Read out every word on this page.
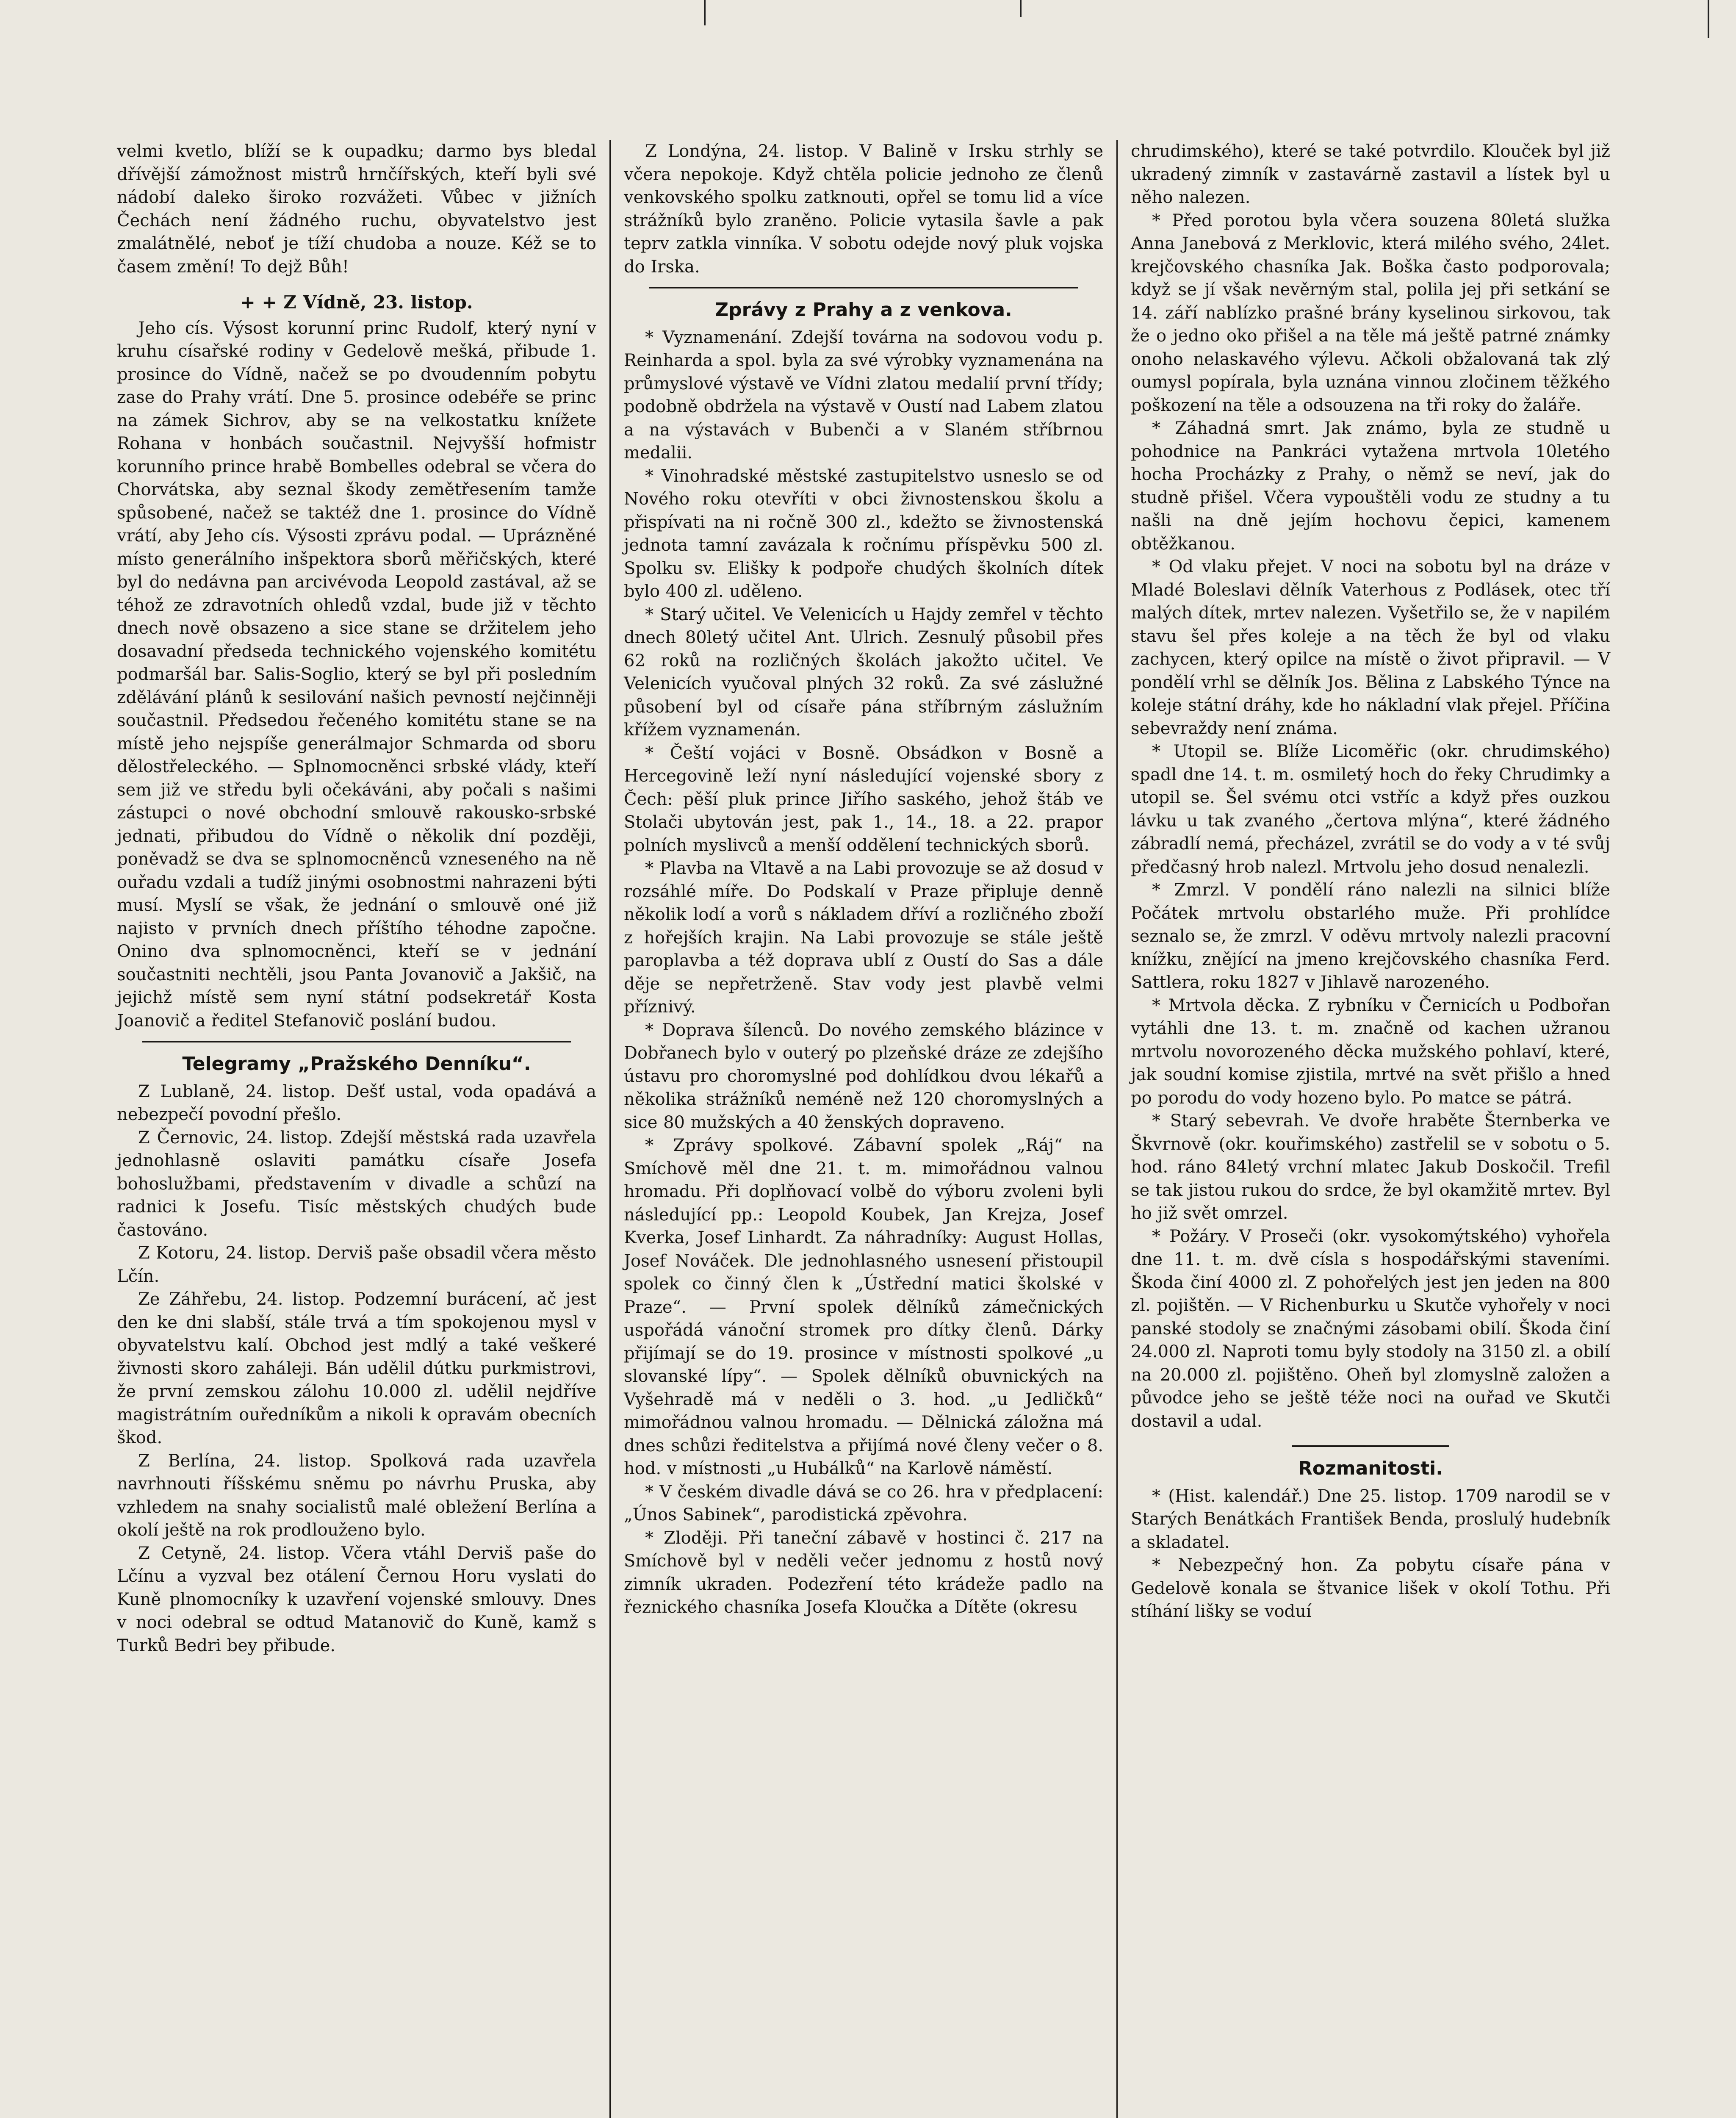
velmi kvetlo, blíží se k oupadku; darmo bys bledal dřívější zámožnost mistrů hrnčířských, kteří byli své nádobí daleko široko rozvážeti. Vůbec v jižních Čechách není žádného ruchu, obyvatelstvo jest zmalátnělé, neboť je tíží chudoba a nouze. Kéž se to časem změní! To dejž Bůh!

+ + Z Vídně, 23. listop.

Jeho cís. Výsost korunní princ Rudolf, který nyní v kruhu císařské rodiny v Gedelově mešká, přibude 1. prosince do Vídně, načež se po dvoudenním pobytu zase do Prahy vrátí. Dne 5. prosince odebéře se princ na zámek Sichrov, aby se na velkostatku knížete Rohana v honbách součastnil. Nejvyšší hofmistr korunního prince hrabě Bombelles odebral se včera do Chorvátska, aby seznal škody zemětřesením tamže spůsobené, načež se taktéž dne 1. prosince do Vídně vrátí, aby Jeho cís. Výsosti zprávu podal. — Uprázněné místo generálního inšpektora sborů měřičských, které byl do nedávna pan arcivévoda Leopold zastával, až se téhož ze zdravotních ohledů vzdal, bude již v těchto dnech nově obsazeno a sice stane se držitelem jeho dosavadní předseda technického vojenského komitétu podmaršál bar. Salis-Soglio, který se byl při posledním zdělávání plánů k sesilování našich pevností nejčinněji součastnil. Předsedou řečeného komitétu stane se na místě jeho nejspíše generálmajor Schmarda od sboru dělostřeleckého. — Splnomocněnci srbské vlády, kteří sem již ve středu byli očekáváni, aby počali s našimi zástupci o nové obchodní smlouvě rakousko-srbské jednati, přibudou do Vídně o několik dní později, poněvadž se dva se splnomocněnců vzneseného na ně ouřadu vzdali a tudíž jinými osobnostmi nahrazeni býti musí. Myslí se však, že jednání o smlouvě oné již najisto v prvních dnech příštího téhodne započne. Onino dva splnomocněnci, kteří se v jednání součastniti nechtěli, jsou Panta Jovanovič a Jakšič, na jejichž místě sem nyní státní podsekretář Kosta Joanovič a ředitel Stefanovič poslání budou.

Telegramy „Pražského Denníku“.

Z Lublaně, 24. listop. Dešť ustal, voda opadává a nebezpečí povodní přešlo.

Z Černovic, 24. listop. Zdejší městská rada uzavřela jednohlasně oslaviti památku císaře Josefa bohoslužbami, představením v divadle a schůzí na radnici k Josefu. Tisíc městských chudých bude častováno.

Z Kotoru, 24. listop. Derviš paše obsadil včera město Lčín.

Ze Záhřebu, 24. listop. Podzemní burácení, ač jest den ke dni slabší, stále trvá a tím spokojenou mysl v obyvatelstvu kalí. Obchod jest mdlý a také veškeré živnosti skoro zaháleji. Bán udělil dútku purkmistrovi, že první zemskou zálohu 10.000 zl. udělil nejdříve magistrátním ouředníkům a nikoli k opravám obecních škod.

Z Berlína, 24. listop. Spolková rada uzavřela navrhnouti říšskému sněmu po návrhu Pruska, aby vzhledem na snahy socialistů malé obležení Berlína a okolí ještě na rok prodlouženo bylo.

Z Cetyně, 24. listop. Včera vtáhl Derviš paše do Lčínu a vyzval bez otálení Černou Horu vyslati do Kuně plnomocníky k uzavření vojenské smlouvy. Dnes v noci odebral se odtud Matanovič do Kuně, kamž s Turků Bedri bey přibude.

Z Londýna, 24. listop. V Balině v Irsku strhly se včera nepokoje. Když chtěla policie jednoho ze členů venkovského spolku zatknouti, opřel se tomu lid a více strážníků bylo zraněno. Policie vytasila šavle a pak teprv zatkla vinníka. V sobotu odejde nový pluk vojska do Irska.

Zprávy z Prahy a z venkova.

* Vyznamenání. Zdejší továrna na sodovou vodu p. Reinharda a spol. byla za své výrobky vyznamenána na průmyslové výstavě ve Vídni zlatou medalií první třídy; podobně obdržela na výstavě v Oustí nad Labem zlatou a na výstavách v Bubenči a v Slaném stříbrnou medalii.

* Vinohradské městské zastupitelstvo usneslo se od Nového roku otevříti v obci živnostenskou školu a přispívati na ni ročně 300 zl., kdežto se živnostenská jednota tamní zavázala k ročnímu příspěvku 500 zl. Spolku sv. Elišky k podpoře chudých školních dítek bylo 400 zl. uděleno.

* Starý učitel. Ve Velenicích u Hajdy zemřel v těchto dnech 80letý učitel Ant. Ulrich. Zesnulý působil přes 62 roků na rozličných školách jakožto učitel. Ve Velenicích vyučoval plných 32 roků. Za své záslužné působení byl od císaře pána stříbrným záslužním křížem vyznamenán.

* Čeští vojáci v Bosně. Obsádkon v Bosně a Hercegovině leží nyní následující vojenské sbory z Čech: pěší pluk prince Jiřího saského, jehož štáb ve Stolači ubytován jest, pak 1., 14., 18. a 22. prapor polních myslivců a menší oddělení technických sborů.

* Plavba na Vltavě a na Labi provozuje se až dosud v rozsáhlé míře. Do Podskalí v Praze připluje denně několik lodí a vorů s nákladem dříví a rozličného zboží z hořejších krajin. Na Labi provozuje se stále ještě paroplavba a též doprava ublí z Oustí do Sas a dále děje se nepřetrženě. Stav vody jest plavbě velmi příznivý.

* Doprava šílenců. Do nového zemského blázince v Dobřanech bylo v outerý po plzeňské dráze ze zdejšího ústavu pro choromyslné pod dohlídkou dvou lékařů a několika strážníků neméně než 120 choromyslných a sice 80 mužských a 40 ženských dopraveno.

* Zprávy spolkové. Zábavní spolek „Ráj“ na Smíchově měl dne 21. t. m. mimořádnou valnou hromadu. Při doplňovací volbě do výboru zvoleni byli následující pp.: Leopold Koubek, Jan Krejza, Josef Kverka, Josef Linhardt. Za náhradníky: August Hollas, Josef Nováček. Dle jednohlasného usnesení přistoupil spolek co činný člen k „Ústřední matici školské v Praze“. — První spolek dělníků zámečnických uspořádá vánoční stromek pro dítky členů. Dárky přijímají se do 19. prosince v místnosti spolkové „u slovanské lípy“. — Spolek dělníků obuvnických na Vyšehradě má v neděli o 3. hod. „u Jedličků“ mimořádnou valnou hromadu. — Dělnická záložna má dnes schůzi ředitelstva a přijímá nové členy večer o 8. hod. v místnosti „u Hubálků“ na Karlově náměstí.

* V českém divadle dává se co 26. hra v předplacení: „Únos Sabinek“, parodistická zpěvohra.

* Zloději. Při taneční zábavě v hostinci č. 217 na Smíchově byl v neděli večer jednomu z hostů nový zimník ukraden. Podezření této krádeže padlo na řeznického chasníka Josefa Kloučka a Dítěte (okresu

chrudimského), které se také potvrdilo. Klouček byl již ukradený zimník v zastavárně zastavil a lístek byl u něho nalezen.

* Před porotou byla včera souzena 80letá služka Anna Janebová z Merklovic, která milého svého, 24let. krejčovského chasníka Jak. Boška často podporovala; když se jí však nevěrným stal, polila jej při setkání se 14. září nablízko prašné brány kyselinou sirkovou, tak že o jedno oko přišel a na těle má ještě patrné známky onoho nelaskavého výlevu. Ačkoli obžalovaná tak zlý oumysl popírala, byla uznána vinnou zločinem těžkého poškození na těle a odsouzena na tři roky do žaláře.

* Záhadná smrt. Jak známo, byla ze studně u pohodnice na Pankráci vytažena mrtvola 10letého hocha Procházky z Prahy, o němž se neví, jak do studně přišel. Včera vypouštěli vodu ze studny a tu našli na dně jejím hochovu čepici, kamenem obtěžkanou.

* Od vlaku přejet. V noci na sobotu byl na dráze v Mladé Boleslavi dělník Vaterhous z Podlásek, otec tří malých dítek, mrtev nalezen. Vyšetřilo se, že v napilém stavu šel přes koleje a na těch že byl od vlaku zachycen, který opilce na místě o život připravil. — V pondělí vrhl se dělník Jos. Bělina z Labského Týnce na koleje státní dráhy, kde ho nákladní vlak přejel. Příčina sebevraždy není známa.

* Utopil se. Blíže Licoměřic (okr. chrudimského) spadl dne 14. t. m. osmiletý hoch do řeky Chrudimky a utopil se. Šel svému otci vstříc a když přes ouzkou lávku u tak zvaného „čertova mlýna“, které žádného zábradlí nemá, přecházel, zvrátil se do vody a v té svůj předčasný hrob nalezl. Mrtvolu jeho dosud nenalezli.

* Zmrzl. V pondělí ráno nalezli na silnici blíže Počátek mrtvolu obstarlého muže. Při prohlídce seznalo se, že zmrzl. V oděvu mrtvoly nalezli pracovní knížku, znějící na jmeno krejčovského chasníka Ferd. Sattlera, roku 1827 v Jihlavě narozeného.

* Mrtvola děcka. Z rybníku v Černicích u Podbořan vytáhli dne 13. t. m. značně od kachen užranou mrtvolu novorozeného děcka mužského pohlaví, které, jak soudní komise zjistila, mrtvé na svět přišlo a hned po porodu do vody hozeno bylo. Po matce se pátrá.

* Starý sebevrah. Ve dvoře hraběte Šternberka ve Škvrnově (okr. kouřimského) zastřelil se v sobotu o 5. hod. ráno 84letý vrchní mlatec Jakub Doskočil. Trefil se tak jistou rukou do srdce, že byl okamžitě mrtev. Byl ho již svět omrzel.

* Požáry. V Proseči (okr. vysokomýtského) vyhořela dne 11. t. m. dvě císla s hospodářskými staveními. Škoda činí 4000 zl. Z pohořelých jest jen jeden na 800 zl. pojištěn. — V Richenburku u Skutče vyhořely v noci panské stodoly se značnými zásobami obilí. Škoda činí 24.000 zl. Naproti tomu byly stodoly na 3150 zl. a obilí na 20.000 zl. pojištěno. Oheň byl zlomyslně založen a původce jeho se ještě téže noci na ouřad ve Skutči dostavil a udal.

Rozmanitosti.

* (Hist. kalendář.) Dne 25. listop. 1709 narodil se v Starých Benátkách František Benda, proslulý hudebník a skladatel.

* Nebezpečný hon. Za pobytu císaře pána v Gedelově konala se štvanice lišek v okolí Tothu. Při stíhání lišky se voduí
